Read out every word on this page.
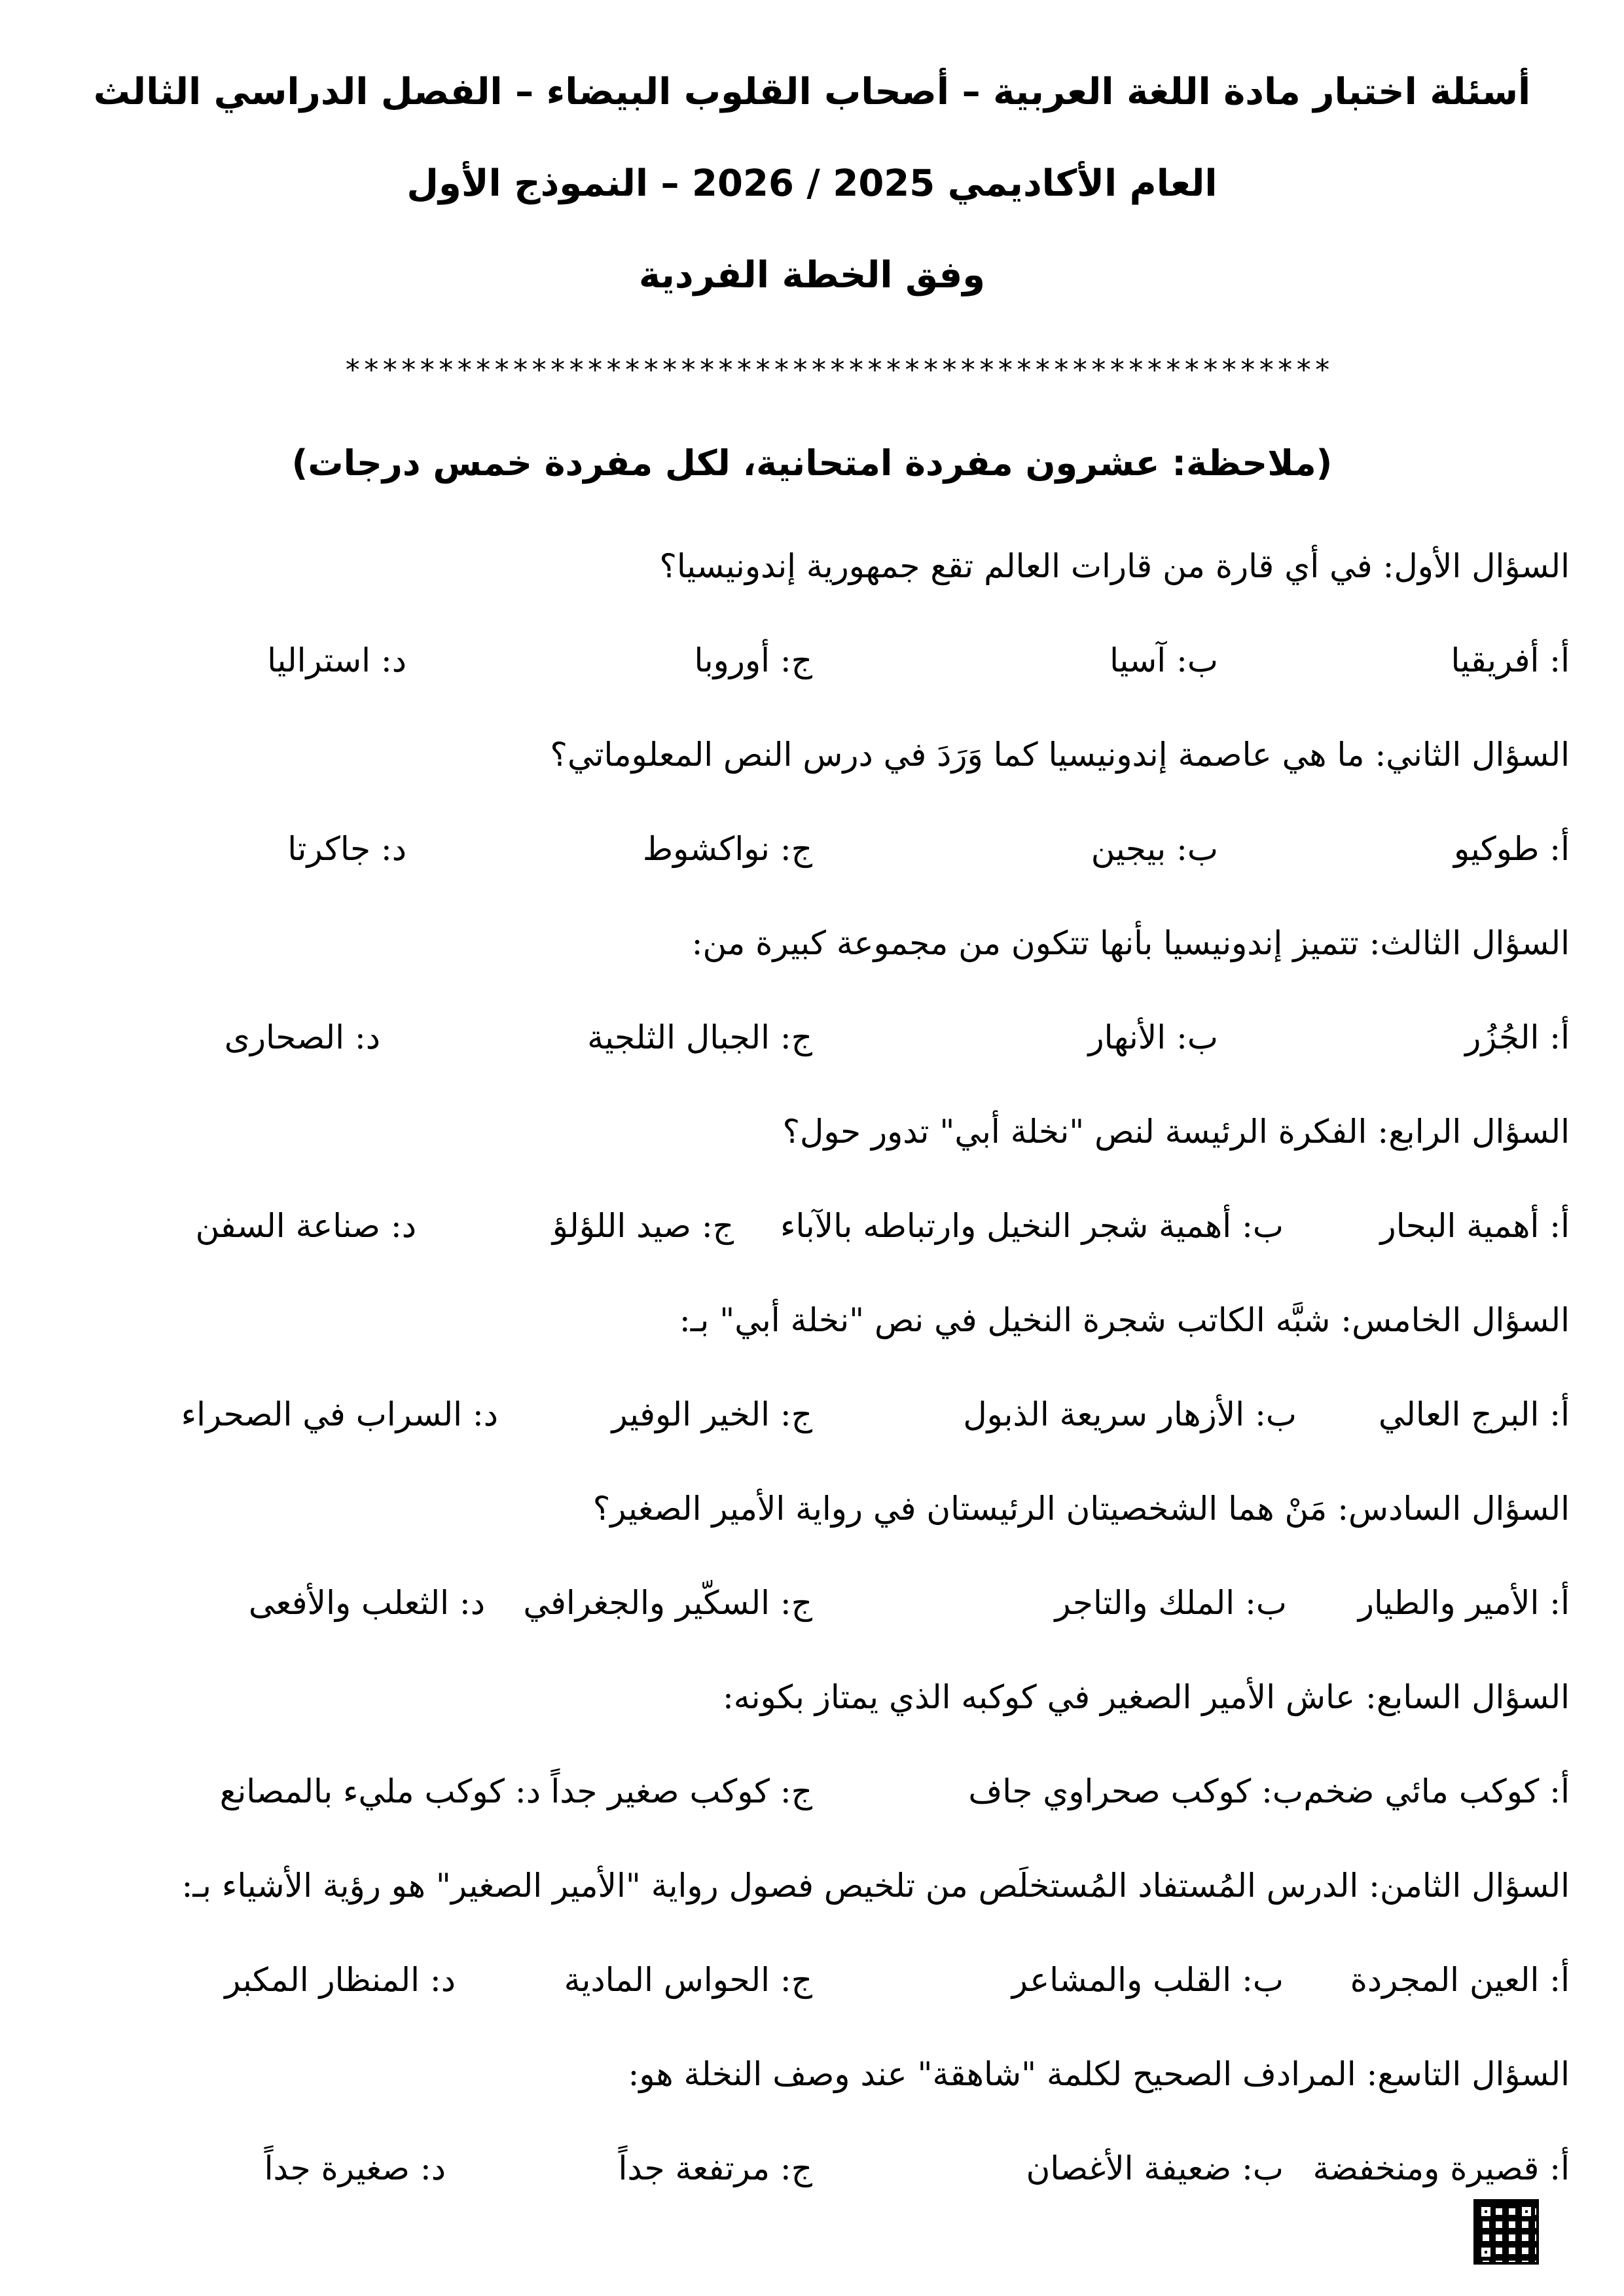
أسئلة اختبار مادة اللغة العربية – أصحاب القلوب البيضاء – الفصل الدراسي الثالث
العام الأكاديمي 2025 / 2026 – النموذج الأول
وفق الخطة الفردية
*****************************************************
(ملاحظة: عشرون مفردة امتحانية، لكل مفردة خمس درجات)
السؤال الأول: في أي قارة من قارات العالم تقع جمهورية إندونيسيا؟
أ: أفريقيا
ب: آسيا
ج: أوروبا
د: استراليا
السؤال الثاني: ما هي عاصمة إندونيسيا كما وَرَدَ في درس النص المعلوماتي؟
أ: طوكيو
ب: بيجين
ج: نواكشوط
د: جاكرتا
السؤال الثالث: تتميز إندونيسيا بأنها تتكون من مجموعة كبيرة من:
أ: الجُزُر
ب: الأنهار
ج: الجبال الثلجية
د: الصحارى
السؤال الرابع: الفكرة الرئيسة لنص "نخلة أبي" تدور حول؟
أ: أهمية البحار
ب: أهمية شجر النخيل وارتباطه بالآباء
ج: صيد اللؤلؤ
د: صناعة السفن
السؤال الخامس: شبَّه الكاتب شجرة النخيل في نص "نخلة أبي" بـ:
أ: البرج العالي
ب: الأزهار سريعة الذبول
ج: الخير الوفير
د: السراب في الصحراء
السؤال السادس: مَنْ هما الشخصيتان الرئيستان في رواية الأمير الصغير؟
أ: الأمير والطيار
ب: الملك والتاجر
ج: السكّير والجغرافي
د: الثعلب والأفعى
السؤال السابع: عاش الأمير الصغير في كوكبه الذي يمتاز بكونه:
أ: كوكب مائي ضخم
ب: كوكب صحراوي جاف
ج: كوكب صغير جداً
د: كوكب مليء بالمصانع
السؤال الثامن: الدرس المُستفاد المُستخلَص من تلخيص فصول رواية "الأمير الصغير" هو رؤية الأشياء بـ:
أ: العين المجردة
ب: القلب والمشاعر
ج: الحواس المادية
د: المنظار المكبر
السؤال التاسع: المرادف الصحيح لكلمة "شاهقة" عند وصف النخلة هو:
أ: قصيرة ومنخفضة
ب: ضعيفة الأغصان
ج: مرتفعة جداً
د: صغيرة جداً
